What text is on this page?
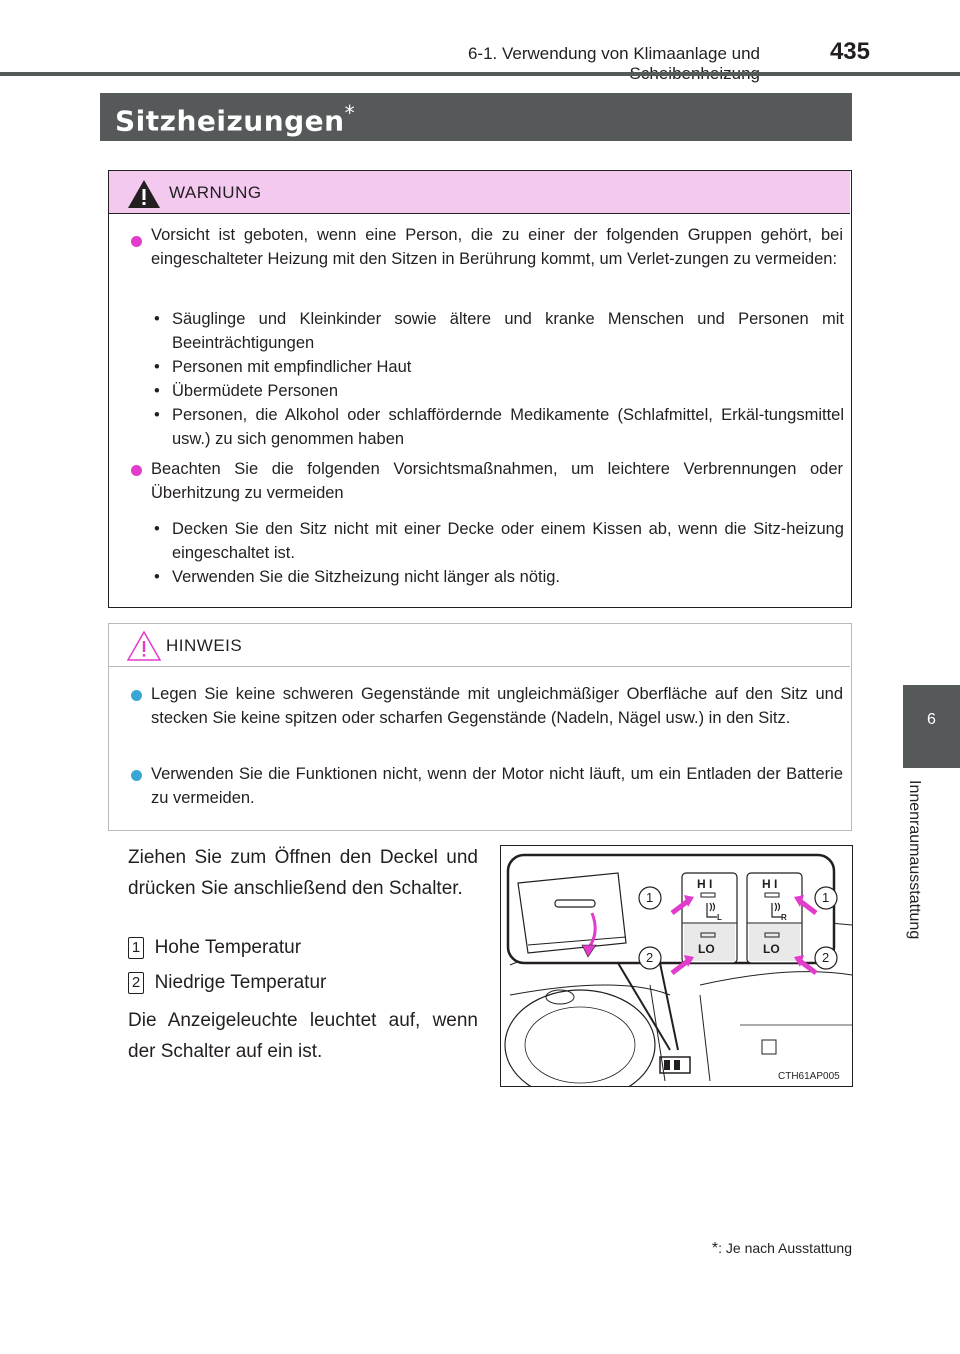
6-1. Verwendung von Klimaanlage und	435
6
Innenraumausstattung
Sitzheizungen*
WARNUNG
Vorsicht ist geboten, wenn eine Person, die zu einer der folgenden Gruppen gehört, bei eingeschalteter Heizung mit den Sitzen in Berührung kommt, um Verlet-zungen zu vermeiden:
• Säuglinge und Kleinkinder sowie ältere und kranke Menschen und Personen mit Beeinträchtigungen
• Personen mit empfindlicher Haut
• Übermüdete Personen
• Personen, die Alkohol oder schlaffördernde Medikamente (Schlafmittel, Erkäl-tungsmittel usw.) zu sich genommen haben
Beachten Sie die folgenden Vorsichtsmaßnahmen, um leichtere Verbrennungen oder Überhitzung zu vermeiden
• Decken Sie den Sitz nicht mit einer Decke oder einem Kissen ab, wenn die Sitz-heizung eingeschaltet ist.
• Verwenden Sie die Sitzheizung nicht länger als nötig.
HINWEIS
Legen Sie keine schweren Gegenstände mit ungleichmäßiger Oberfläche auf den Sitz und stecken Sie keine spitzen oder scharfen Gegenstände (Nadeln, Nägel usw.) in den Sitz.
Verwenden Sie die Funktionen nicht, wenn der Motor nicht läuft, um ein Entladen der Batterie zu vermeiden.
Ziehen Sie zum Öffnen den Deckel und drücken Sie anschließend den Schalter.
1 Hohe Temperatur
2 Niedrige Temperatur
Die Anzeigeleuchte leuchtet auf, wenn der Schalter auf ein ist.
H I	H I
LO	LO
L	R
1
2
1
2
CTH61AP005
*: Je nach Ausstattung
